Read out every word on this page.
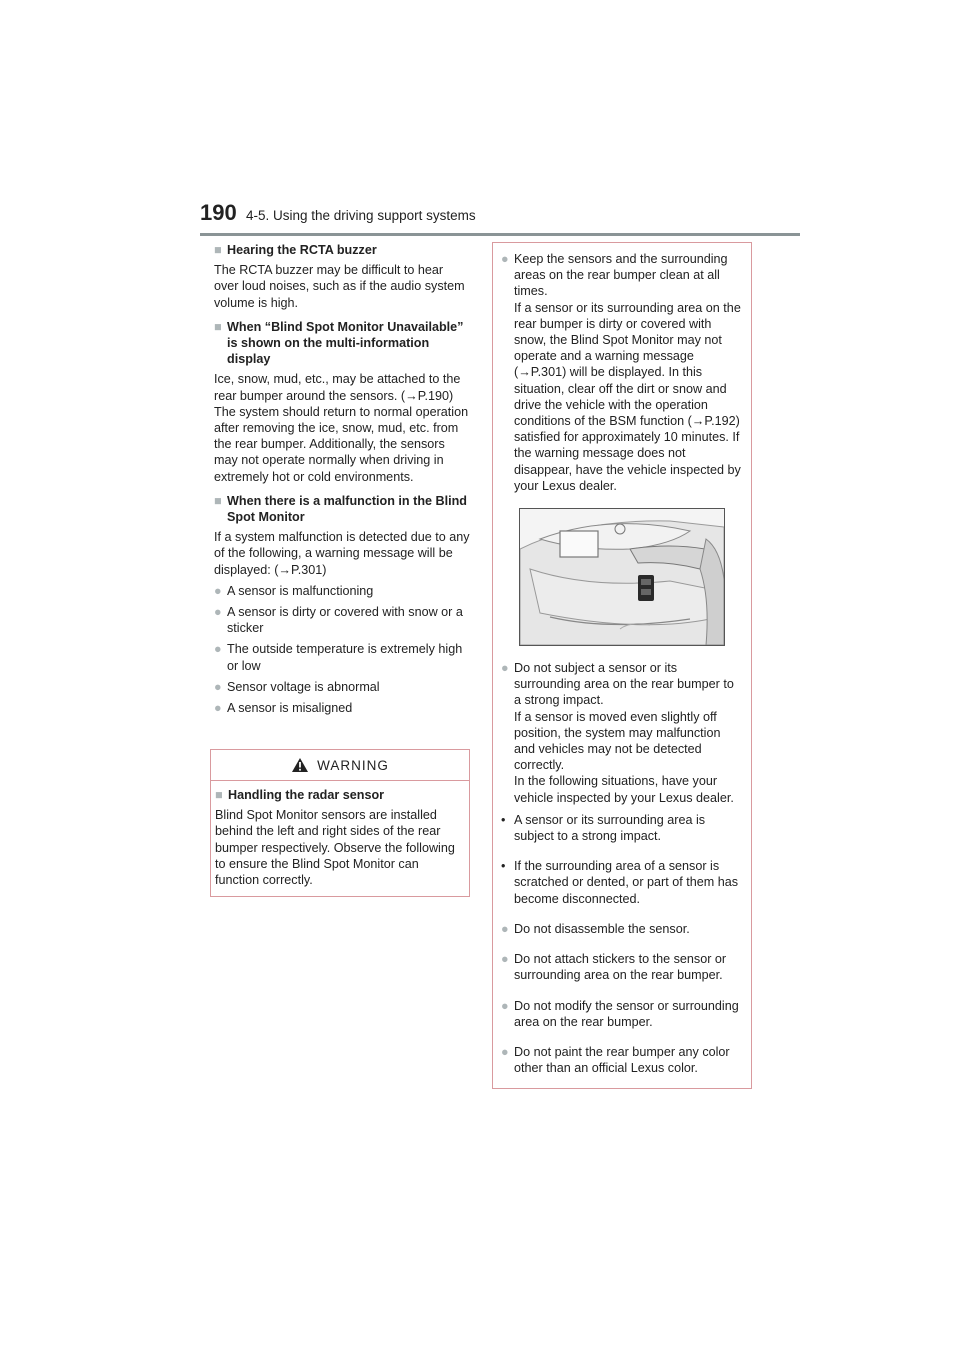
190 4-5. Using the driving support systems
■ Hearing the RCTA buzzer

The RCTA buzzer may be difficult to hear over loud noises, such as if the audio system volume is high.

■ When “Blind Spot Monitor Unavailable” is shown on the multi-information display

Ice, snow, mud, etc., may be attached to the rear bumper around the sensors. (→P.190) The system should return to normal operation after removing the ice, snow, mud, etc. from the rear bumper. Additionally, the sensors may not operate normally when driving in extremely hot or cold environments.

■ When there is a malfunction in the Blind Spot Monitor

If a system malfunction is detected due to any of the following, a warning message will be displayed: (→P.301)

● A sensor is malfunctioning
● A sensor is dirty or covered with snow or a sticker
● The outside temperature is extremely high or low
● Sensor voltage is abnormal
● A sensor is misaligned
WARNING
■ Handling the radar sensor

Blind Spot Monitor sensors are installed behind the left and right sides of the rear bumper respectively. Observe the following to ensure the Blind Spot Monitor can function correctly.

● Keep the sensors and the surrounding areas on the rear bumper clean at all times.
If a sensor or its surrounding area on the rear bumper is dirty or covered with snow, the Blind Spot Monitor may not operate and a warning message (→P.301) will be displayed. In this situation, clear off the dirt or snow and drive the vehicle with the operation conditions of the BSM function (→P.192) satisfied for approximately 10 minutes. If the warning message does not disappear, have the vehicle inspected by your Lexus dealer.
● Do not subject a sensor or its surrounding area on the rear bumper to a strong impact.
If a sensor is moved even slightly off position, the system may malfunction and vehicles may not be detected correctly.
In the following situations, have your vehicle inspected by your Lexus dealer.
• A sensor or its surrounding area is subject to a strong impact.
• If the surrounding area of a sensor is scratched or dented, or part of them has become disconnected.
● Do not disassemble the sensor.
● Do not attach stickers to the sensor or surrounding area on the rear bumper.
● Do not modify the sensor or surrounding area on the rear bumper.
● Do not paint the rear bumper any color other than an official Lexus color.
